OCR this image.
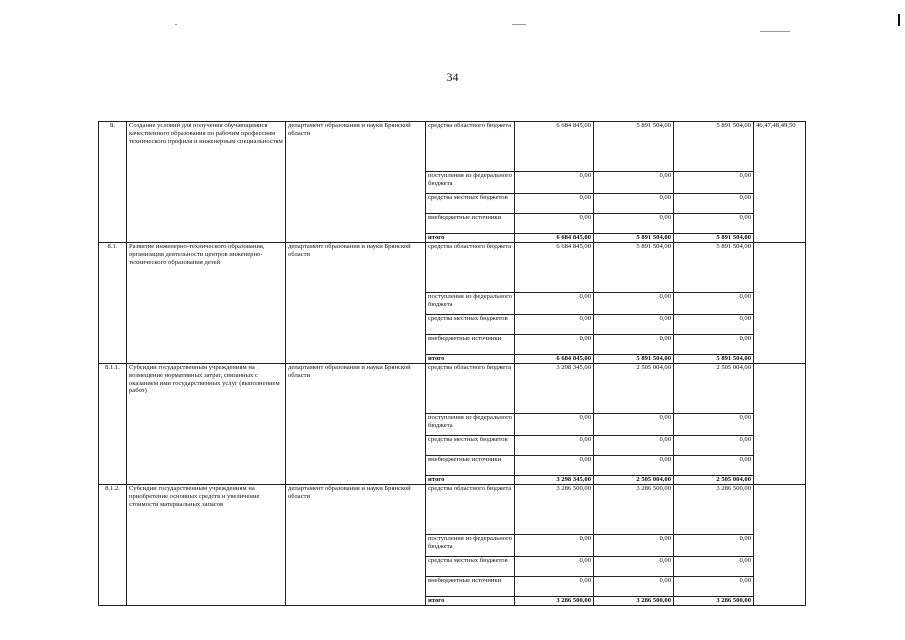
34
8.	Создание условий для получения обучающимися качественного образования по рабочим профессиям технического профиля и инженерным специальностям	департамент образования и науки Брянской области	средства областного бюджета	6 684 845,00	5 891 504,00	5 891 504,00	46,47,48,49,50
			поступления из федерального бюджета	0,00	0,00	0,00	
			средства местных бюджетов	0,00	0,00	0,00	
			внебюджетные источники	0,00	0,00	0,00	
			итого	6 684 845,00	5 891 504,00	5 891 504,00	
8.1.	Развитие инженерно-технического образования, организация деятельности центров инженерно-технического образования детей	департамент образования и науки Брянской области	средства областного бюджета	6 684 845,00	5 891 504,00	5 891 504,00	
			поступления из федерального бюджета	0,00	0,00	0,00	
			средства местных бюджетов	0,00	0,00	0,00	
			внебюджетные источники	0,00	0,00	0,00	
			итого	6 684 845,00	5 891 504,00	5 891 504,00	
8.1.1.	Субсидии государственным учреждениям на возмещение нормативных затрат, связанных с оказанием ими государственных услуг (выполнением работ)	департамент образования и науки Брянской области	средства областного бюджета	3 298 345,00	2 505 004,00	2 505 004,00	
			поступления из федерального бюджета	0,00	0,00	0,00	
			средства местных бюджетов	0,00	0,00	0,00	
			внебюджетные источники	0,00	0,00	0,00	
			итого	3 298 345,00	2 505 004,00	2 505 004,00	
8.1.2.	Субсидии государственным учреждениям на приобретение основных средств и увеличение стоимости материальных запасов	департамент образования и науки Брянской области	средства областного бюджета	3 286 500,00	3 286 500,00	3 286 500,00	
			поступления из федерального бюджета	0,00	0,00	0,00	
			средства местных бюджетов	0,00	0,00	0,00	
			внебюджетные источники	0,00	0,00	0,00	
			итого	3 286 500,00	3 286 500,00	3 286 500,00	
